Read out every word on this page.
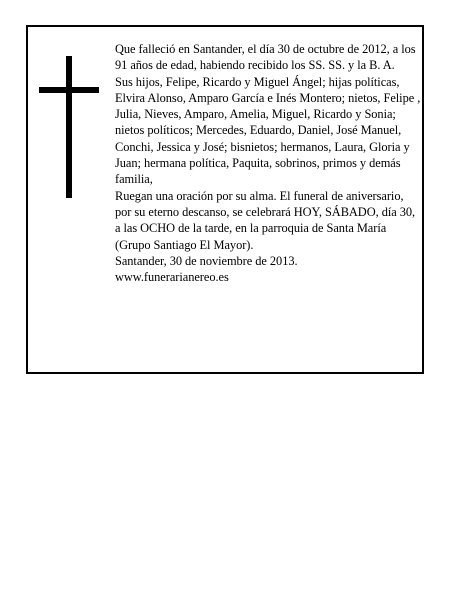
Que falleció en Santander, el día 30 de octubre de 2012, a los 91 años de edad, habiendo recibido los SS. SS. y la B. A.

Sus hijos, Felipe, Ricardo y Miguel Ángel; hijas políticas, Elvira Alonso, Amparo García e Inés Montero; nietos, Felipe , Julia, Nieves, Amparo, Amelia, Miguel, Ricardo y Sonia; nietos políticos; Mercedes, Eduardo, Daniel, José Manuel, Conchi, Jessica y José; bisnietos; hermanos, Laura, Gloria y Juan; hermana política, Paquita, sobrinos, primos y demás familia,

Ruegan una oración por su alma. El funeral de aniversario, por su eterno descanso, se celebrará HOY, SÁBADO, día 30, a las OCHO de la tarde, en la parroquia de Santa María (Grupo Santiago El Mayor).

Santander, 30 de noviembre de 2013.

www.funerarianereo.es
